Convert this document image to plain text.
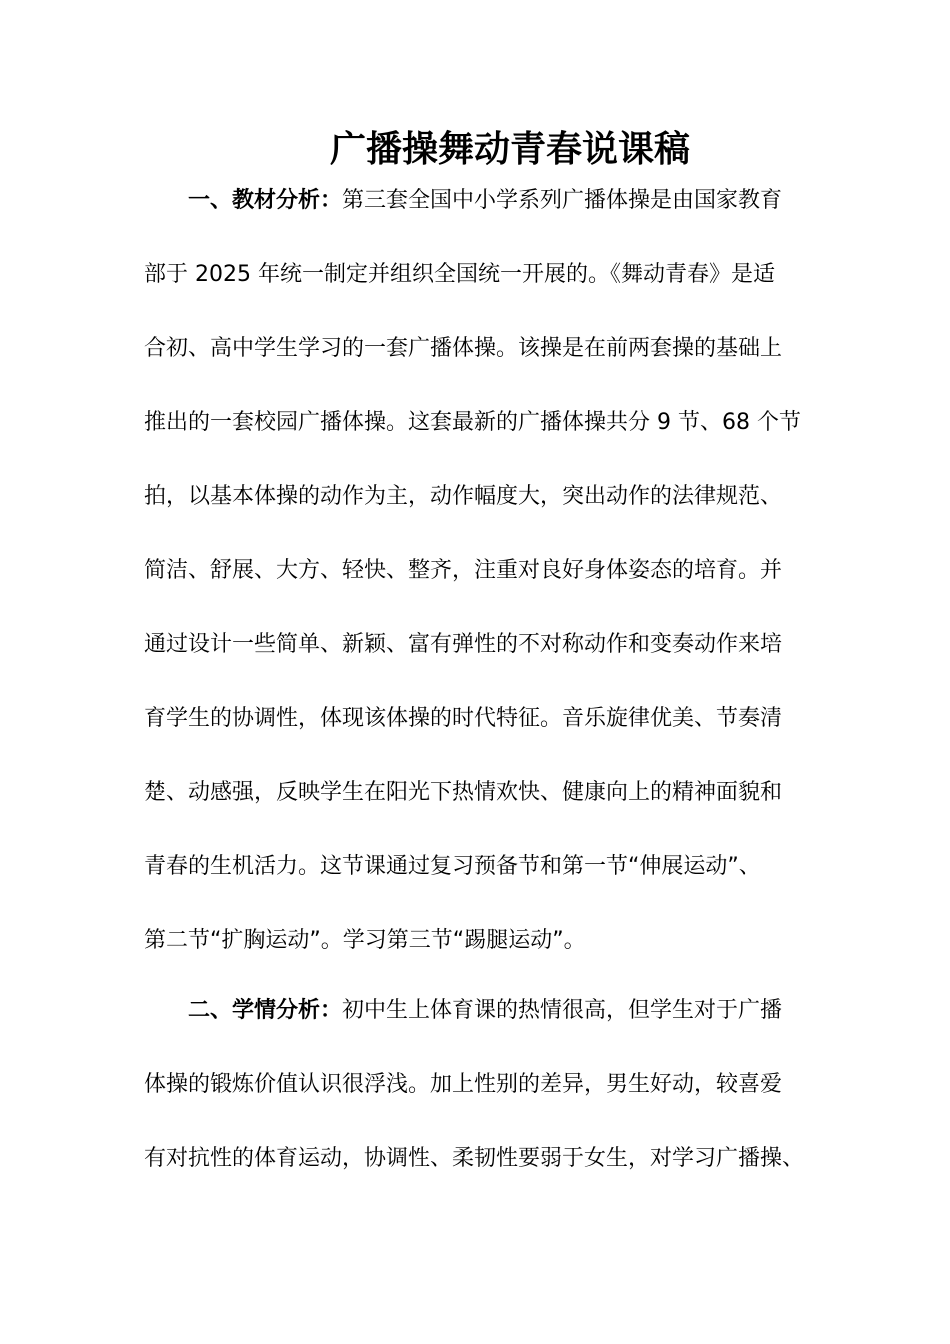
广播操舞动青春说课稿
一、教材分析：第三套全国中小学系列广播体操是由国家教育
部于 2025 年统一制定并组织全国统一开展的。《舞动青春》是适
合初、高中学生学习的一套广播体操。该操是在前两套操的基础上
推出的一套校园广播体操。这套最新的广播体操共分 9 节、68 个节
拍，以基本体操的动作为主，动作幅度大，突出动作的法律规范、
简洁、舒展、大方、轻快、整齐，注重对良好身体姿态的培育。并
通过设计一些简单、新颖、富有弹性的不对称动作和变奏动作来培
育学生的协调性，体现该体操的时代特征。音乐旋律优美、节奏清
楚、动感强，反映学生在阳光下热情欢快、健康向上的精神面貌和
青春的生机活力。这节课通过复习预备节和第一节“伸展运动”、
第二节“扩胸运动”。学习第三节“踢腿运动”。
二、学情分析：初中生上体育课的热情很高，但学生对于广播
体操的锻炼价值认识很浮浅。加上性别的差异，男生好动，较喜爱
有对抗性的体育运动，协调性、柔韧性要弱于女生，对学习广播操、
